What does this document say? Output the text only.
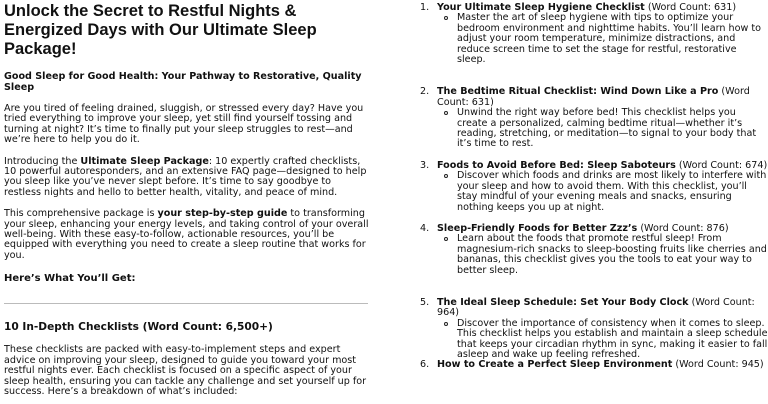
Unlock the Secret to Restful Nights & Energized Days with Our Ultimate Sleep Package!
Good Sleep for Good Health: Your Pathway to Restorative, Quality Sleep

Are you tired of feeling drained, sluggish, or stressed every day? Have you tried everything to improve your sleep, yet still find yourself tossing and turning at night? It’s time to finally put your sleep struggles to rest—and we’re here to help you do it.

Introducing the Ultimate Sleep Package: 10 expertly crafted checklists, 10 powerful autoresponders, and an extensive FAQ page—designed to help you sleep like you’ve never slept before. It’s time to say goodbye to restless nights and hello to better health, vitality, and peace of mind.

This comprehensive package is your step-by-step guide to transforming your sleep, enhancing your energy levels, and taking control of your overall well-being. With these easy-to-follow, actionable resources, you’ll be equipped with everything you need to create a sleep routine that works for you.

Here’s What You’ll Get:
10 In-Depth Checklists (Word Count: 6,500+)

These checklists are packed with easy-to-implement steps and expert advice on improving your sleep, designed to guide you toward your most restful nights ever. Each checklist is focused on a specific aspect of your sleep health, ensuring you can tackle any challenge and set yourself up for success. Here’s a breakdown of what’s included:

1. Your Ultimate Sleep Hygiene Checklist (Word Count: 631)
Master the art of sleep hygiene with tips to optimize your bedroom environment and nighttime habits. You’ll learn how to adjust your room temperature, minimize distractions, and reduce screen time to set the stage for restful, restorative sleep.
2. The Bedtime Ritual Checklist: Wind Down Like a Pro (Word Count: 631)
Unwind the right way before bed! This checklist helps you create a personalized, calming bedtime ritual—whether it’s reading, stretching, or meditation—to signal to your body that it’s time to rest.
3. Foods to Avoid Before Bed: Sleep Saboteurs (Word Count: 674)
Discover which foods and drinks are most likely to interfere with your sleep and how to avoid them. With this checklist, you’ll stay mindful of your evening meals and snacks, ensuring nothing keeps you up at night.
4. Sleep-Friendly Foods for Better Zzz’s (Word Count: 876)
Learn about the foods that promote restful sleep! From magnesium-rich snacks to sleep-boosting fruits like cherries and bananas, this checklist gives you the tools to eat your way to better sleep.
5. The Ideal Sleep Schedule: Set Your Body Clock (Word Count: 964)
Discover the importance of consistency when it comes to sleep. This checklist helps you establish and maintain a sleep schedule that keeps your circadian rhythm in sync, making it easier to fall asleep and wake up feeling refreshed.
6. How to Create a Perfect Sleep Environment (Word Count: 945)
